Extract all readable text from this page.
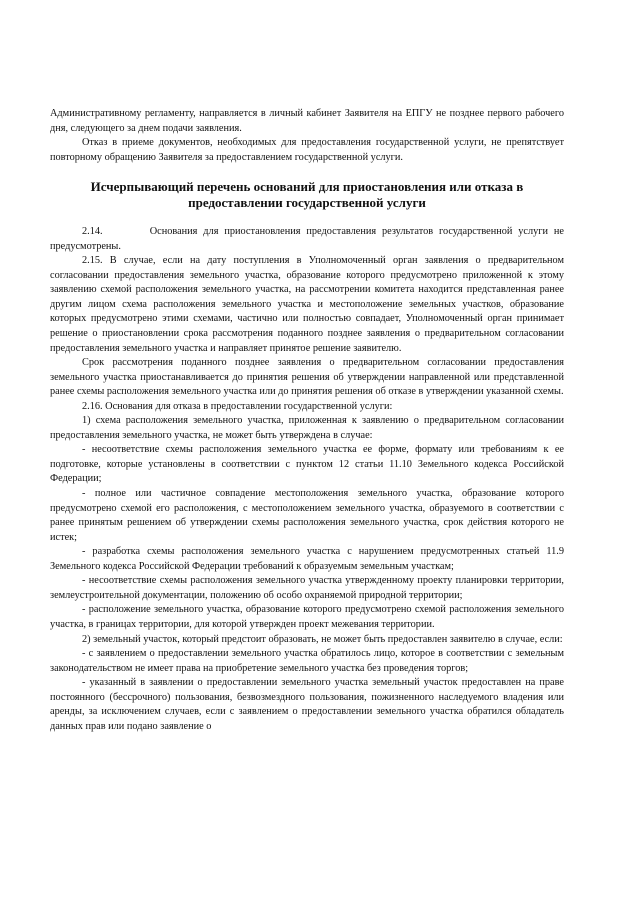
Административному регламенту, направляется в личный кабинет Заявителя на ЕПГУ не позднее первого рабочего дня, следующего за днем подачи заявления.

Отказ в приеме документов, необходимых для предоставления государственной услуги, не препятствует повторному обращению Заявителя за предоставлением государственной услуги.

Исчерпывающий перечень оснований для приостановления или отказа в предоставлении государственной услуги

2.14.        Основания для приостановления предоставления результатов государственной услуги не предусмотрены.

2.15. В случае, если на дату поступления в Уполномоченный орган заявления о предварительном согласовании предоставления земельного участка, образование которого предусмотрено приложенной к этому заявлению схемой расположения земельного участка, на рассмотрении комитета находится представленная ранее другим лицом схема расположения земельного участка и местоположение земельных участков, образование которых предусмотрено этими схемами, частично или полностью совпадает, Уполномоченный орган принимает решение о приостановлении срока рассмотрения поданного позднее заявления о предварительном согласовании предоставления земельного участка и направляет принятое решение заявителю.

Срок рассмотрения поданного позднее заявления о предварительном согласовании предоставления земельного участка приостанавливается до принятия решения об утверждении направленной или представленной ранее схемы расположения земельного участка или до принятия решения об отказе в утверждении указанной схемы.

2.16. Основания для отказа в предоставлении государственной услуги:

1) схема расположения земельного участка, приложенная к заявлению о предварительном согласовании предоставления земельного участка, не может быть утверждена в случае:

- несоответствие схемы расположения земельного участка ее форме, формату или требованиям к ее подготовке, которые установлены в соответствии с пунктом 12 статьи 11.10 Земельного кодекса Российской Федерации;

- полное или частичное совпадение местоположения земельного участка, образование которого предусмотрено схемой его расположения, с местоположением земельного участка, образуемого в соответствии с ранее принятым решением об утверждении схемы расположения земельного участка, срок действия которого не истек;

- разработка схемы расположения земельного участка с нарушением предусмотренных статьей 11.9 Земельного кодекса Российской Федерации требований к образуемым земельным участкам;

- несоответствие схемы расположения земельного участка утвержденному проекту планировки территории, землеустроительной документации, положению об особо охраняемой природной территории;

- расположение земельного участка, образование которого предусмотрено схемой расположения земельного участка, в границах территории, для которой утвержден проект межевания территории.

2) земельный участок, который предстоит образовать, не может быть предоставлен заявителю в случае, если:

- с заявлением о предоставлении земельного участка обратилось лицо, которое в соответствии с земельным законодательством не имеет права на приобретение земельного участка без проведения торгов;

- указанный в заявлении о предоставлении земельного участка земельный участок предоставлен на праве постоянного (бессрочного) пользования, безвозмездного пользования, пожизненного наследуемого владения или аренды, за исключением случаев, если с заявлением о предоставлении земельного участка обратился обладатель данных прав или подано заявление о
